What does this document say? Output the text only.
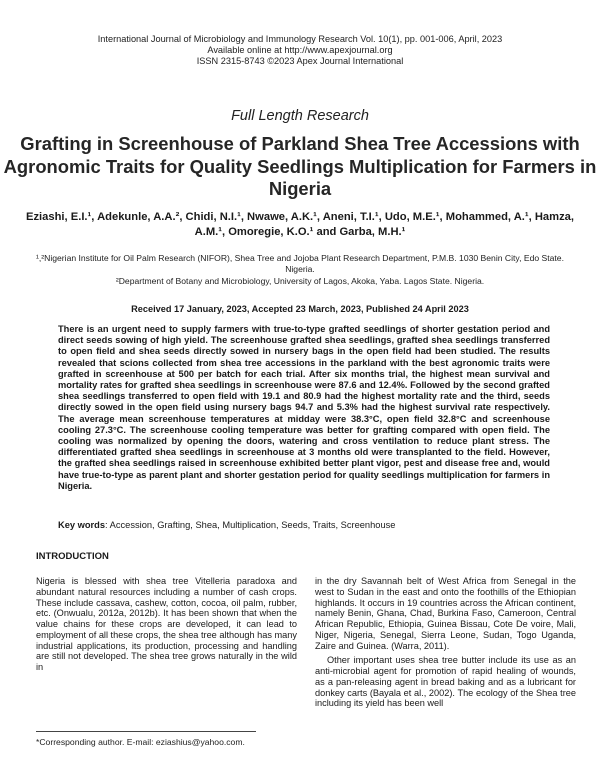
International Journal of Microbiology and Immunology Research Vol. 10(1), pp. 001-006, April, 2023
Available online at http://www.apexjournal.org
ISSN 2315-8743 ©2023 Apex Journal International
Full Length Research
Grafting in Screenhouse of Parkland Shea Tree Accessions with Agronomic Traits for Quality Seedlings Multiplication for Farmers in Nigeria
Eziashi, E.I.¹, Adekunle, A.A.², Chidi, N.I.¹, Nwawe, A.K.¹, Aneni, T.I.¹, Udo, M.E.¹, Mohammed, A.¹, Hamza, A.M.¹, Omoregie, K.O.¹ and Garba, M.H.¹
¹,²Nigerian Institute for Oil Palm Research (NIFOR), Shea Tree and Jojoba Plant Research Department, P.M.B. 1030 Benin City, Edo State. Nigeria.
²Department of Botany and Microbiology, University of Lagos, Akoka, Yaba. Lagos State. Nigeria.
Received 17 January, 2023, Accepted 23 March, 2023, Published 24 April 2023
There is an urgent need to supply farmers with true-to-type grafted seedlings of shorter gestation period and direct seeds sowing of high yield. The screenhouse grafted shea seedlings, grafted shea seedlings transferred to open field and shea seeds directly sowed in nursery bags in the open field had been studied. The results revealed that scions collected from shea tree accessions in the parkland with the best agronomic traits were grafted in screenhouse at 500 per batch for each trial. After six months trial, the highest mean survival and mortality rates for grafted shea seedlings in screenhouse were 87.6 and 12.4%. Followed by the second grafted shea seedlings transferred to open field with 19.1 and 80.9 had the highest mortality rate and the third, seeds directly sowed in the open field using nursery bags 94.7 and 5.3% had the highest survival rate respectively. The average mean screenhouse temperatures at midday were 38.3°C, open field 32.8°C and screenhouse cooling 27.3°C. The screenhouse cooling temperature was better for grafting compared with open field. The cooling was normalized by opening the doors, watering and cross ventilation to reduce plant stress. The differentiated grafted shea seedlings in screenhouse at 3 months old were transplanted to the field. However, the grafted shea seedlings raised in screenhouse exhibited better plant vigor, pest and disease free and, would have true-to-type as parent plant and shorter gestation period for quality seedlings multiplication for farmers in Nigeria.
Key words: Accession, Grafting, Shea, Multiplication, Seeds, Traits, Screenhouse
INTRODUCTION

Nigeria is blessed with shea tree Vitelleria paradoxa and abundant natural resources including a number of cash crops. These include cassava, cashew, cotton, cocoa, oil palm, rubber, etc. (Onwualu, 2012a, 2012b). It has been shown that when the value chains for these crops are developed, it can lead to employment of all these crops, the shea tree although has many industrial applications, its production, processing and handling are still not developed. The shea tree grows naturally in the wild in

in the dry Savannah belt of West Africa from Senegal in the west to Sudan in the east and onto the foothills of the Ethiopian highlands. It occurs in 19 countries across the African continent, namely Benin, Ghana, Chad, Burkina Faso, Cameroon, Central African Republic, Ethiopia, Guinea Bissau, Cote De voire, Mali, Niger, Nigeria, Senegal, Sierra Leone, Sudan, Togo Uganda, Zaire and Guinea. (Warra, 2011).

Other important uses shea tree butter include its use as an anti-microbial agent for promotion of rapid healing of wounds, as a pan-releasing agent in bread baking and as a lubricant for donkey carts (Bayala et al., 2002). The ecology of the Shea tree including its yield has been well

*Corresponding author. E-mail: eziashius@yahoo.com.
